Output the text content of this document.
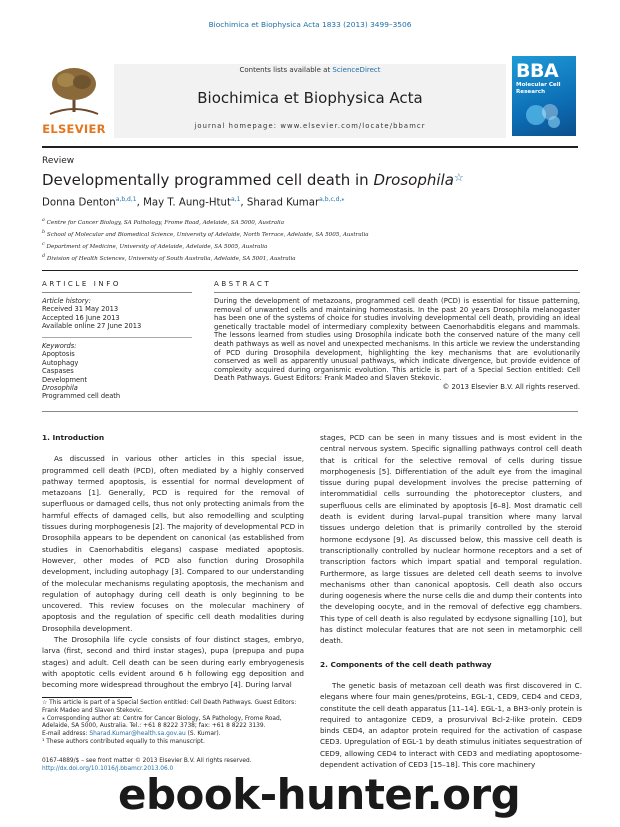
Biochimica et Biophysica Acta 1833 (2013) 3499–3506
ELSEVIER
Contents lists available at ScienceDirect
Biochimica et Biophysica Acta
journal homepage: www.elsevier.com/locate/bbamcr
BBA
Molecular Cell Research
Review
Developmentally programmed cell death in Drosophila☆
Donna Denton$^{a,b,d,1}$, May T. Aung-Htut$^{a,1}$, Sharad Kumar$^{a,b,c,d,⁎}$
$^a$ Centre for Cancer Biology, SA Pathology, Frome Road, Adelaide, SA 5000, Australia
$^b$ School of Molecular and Biomedical Science, University of Adelaide, North Terrace, Adelaide, SA 5005, Australia
$^c$ Department of Medicine, University of Adelaide, Adelaide, SA 5005, Australia
$^d$ Division of Health Sciences, University of South Australia, Adelaide, SA 5001, Australia
ARTICLE INFO	ABSTRACT
Article history:
Received 31 May 2013
Accepted 16 June 2013
Available online 27 June 2013
Keywords:
Apoptosis
Autophagy
Caspases
Development
Drosophila
Programmed cell death
During the development of metazoans, programmed cell death (PCD) is essential for tissue patterning, removal of unwanted cells and maintaining homeostasis. In the past 20 years Drosophila melanogaster has been one of the systems of choice for studies involving developmental cell death, providing an ideal genetically tractable model of intermediary complexity between Caenorhabditis elegans and mammals. The lessons learned from studies using Drosophila indicate both the conserved nature of the many cell death pathways as well as novel and unexpected mechanisms. In this article we review the understanding of PCD during Drosophila development, highlighting the key mechanisms that are evolutionarily conserved as well as apparently unusual pathways, which indicate divergence, but provide evidence of complexity acquired during organismic evolution. This article is part of a Special Section entitled: Cell Death Pathways. Guest Editors: Frank Madeo and Slaven Stekovic.
© 2013 Elsevier B.V. All rights reserved.
1. Introduction

As discussed in various other articles in this special issue, programmed cell death (PCD), often mediated by a highly conserved pathway termed apoptosis, is essential for normal development of metazoans [1]. Generally, PCD is required for the removal of superfluous or damaged cells, thus not only protecting animals from the harmful effects of damaged cells, but also remodelling and sculpting tissues during morphogenesis [2]. The majority of developmental PCD in Drosophila appears to be dependent on canonical (as established from studies in Caenorhabditis elegans) caspase mediated apoptosis. However, other modes of PCD also function during Drosophila development, including autophagy [3]. Compared to our understanding of the molecular mechanisms regulating apoptosis, the mechanism and regulation of autophagy during cell death is only beginning to be uncovered. This review focuses on the molecular machinery of apoptosis and the regulation of specific cell death modalities during Drosophila development.

The Drosophila life cycle consists of four distinct stages, embryo, larva (first, second and third instar stages), pupa (prepupa and pupa stages) and adult. Cell death can be seen during early embryogenesis with apoptotic cells evident around 6 h following egg deposition and becoming more widespread throughout the embryo [4]. During larval

stages, PCD can be seen in many tissues and is most evident in the central nervous system. Specific signalling pathways control cell death that is critical for the selective removal of cells during tissue morphogenesis [5]. Differentiation of the adult eye from the imaginal tissue during pupal development involves the precise patterning of interommatidial cells surrounding the photoreceptor clusters, and superfluous cells are eliminated by apoptosis [6–8]. Most dramatic cell death is evident during larval–pupal transition where many larval tissues undergo deletion that is primarily controlled by the steroid hormone ecdysone [9]. As discussed below, this massive cell death is transcriptionally controlled by nuclear hormone receptors and a set of transcription factors which impart spatial and temporal regulation. Furthermore, as large tissues are deleted cell death seems to involve mechanisms other than canonical apoptosis. Cell death also occurs during oogenesis where the nurse cells die and dump their contents into the developing oocyte, and in the removal of defective egg chambers. This type of cell death is also regulated by ecdysone signalling [10], but has distinct molecular features that are not seen in metamorphic cell death.

2. Components of the cell death pathway

The genetic basis of metazoan cell death was first discovered in C. elegans where four main genes/proteins, EGL-1, CED9, CED4 and CED3, constitute the cell death apparatus [11–14]. EGL-1, a BH3-only protein is required to antagonize CED9, a prosurvival Bcl-2-like protein. CED9 binds CED4, an adaptor protein required for the activation of caspase CED3. Upregulation of EGL-1 by death stimulus initiates sequestration of CED9, allowing CED4 to interact with CED3 and mediating apoptosome-dependent activation of CED3 [15–18]. This core machinery

☆ This article is part of a Special Section entitled: Cell Death Pathways. Guest Editors: Frank Madeo and Slaven Stekovic.
⁎ Corresponding author at: Centre for Cancer Biology, SA Pathology, Frome Road, Adelaide, SA 5000, Australia. Tel.: +61 8 8222 3738; fax: +61 8 8222 3139.
E-mail address: Sharad.Kumar@health.sa.gov.au (S. Kumar).
¹ These authors contributed equally to this manuscript.
0167-4889/$ – see front matter © 2013 Elsevier B.V. All rights reserved.
http://dx.doi.org/10.1016/j.bbamcr.2013.06.0
ebook-hunter.org
